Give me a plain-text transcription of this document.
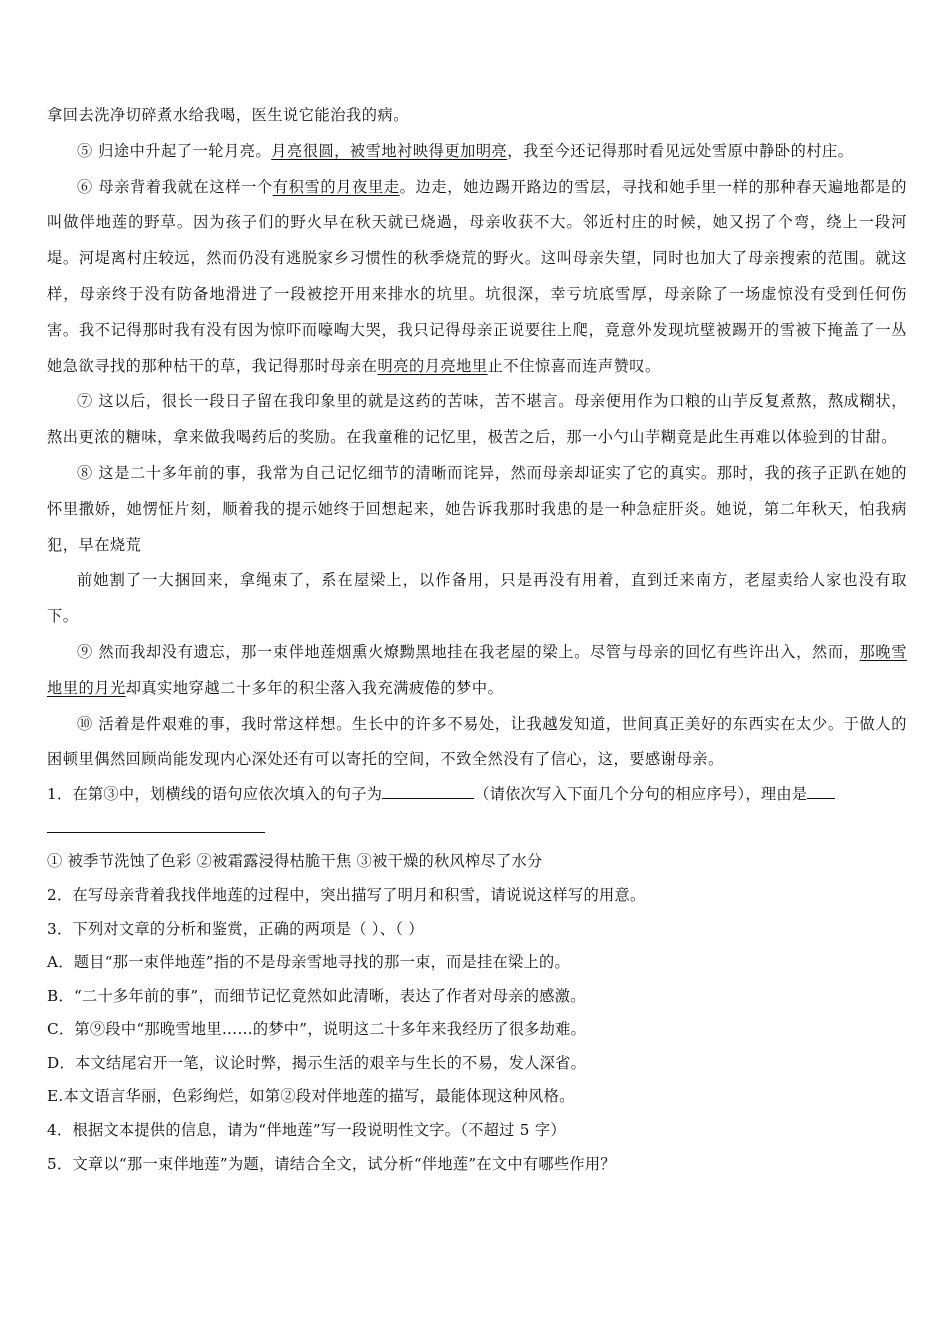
拿回去洗净切碎煮水给我喝，医生说它能治我的病。

⑤ 归途中升起了一轮月亮。月亮很圆，被雪地衬映得更加明亮，我至今还记得那时看见远处雪原中静卧的村庄。

⑥ 母亲背着我就在这样一个有积雪的月夜里走。边走，她边踢开路边的雪层，寻找和她手里一样的那种春天遍地都是的叫做伴地莲的野草。因为孩子们的野火早在秋天就已烧過，母亲收获不大。邻近村庄的时候，她又拐了个弯，绕上一段河堤。河堤离村庄较远，然而仍没有逃脱家乡习惯性的秋季烧荒的野火。这叫母亲失望，同时也加大了母亲搜索的范围。就这样，母亲终于没有防备地滑进了一段被挖开用来排水的坑里。坑很深，幸亏坑底雪厚，母亲除了一场虚惊没有受到任何伤害。我不记得那时我有没有因为惊吓而嚎啕大哭，我只记得母亲正说要往上爬，竟意外发现坑壁被踢开的雪被下掩盖了一丛她急欲寻找的那种枯干的草，我记得那时母亲在明亮的月亮地里止不住惊喜而连声赞叹。

⑦ 这以后，很长一段日子留在我印象里的就是这药的苦味，苦不堪言。母亲便用作为口粮的山芋反复煮熬，熬成糊状，熬出更浓的糖味，拿来做我喝药后的奖励。在我童稚的记忆里，极苦之后，那一小勺山芋糊竟是此生再难以体验到的甘甜。

⑧ 这是二十多年前的事，我常为自己记忆细节的清晰而诧异，然而母亲却证实了它的真实。那时，我的孩子正趴在她的怀里撒娇，她愣怔片刻，顺着我的提示她终于回想起来，她告诉我那时我患的是一种急症肝炎。她说，第二年秋天，怕我病犯，早在烧荒

前她割了一大捆回来，拿绳束了，系在屋梁上，以作备用，只是再没有用着，直到迁来南方，老屋卖给人家也没有取下。

⑨ 然而我却没有遗忘，那一束伴地莲烟熏火燎黝黑地挂在我老屋的梁上。尽管与母亲的回忆有些许出入，然而，那晚雪地里的月光却真实地穿越二十多年的积尘落入我充满疲倦的梦中。

⑩ 活着是件艰难的事，我时常这样想。生长中的许多不易处，让我越发知道，世间真正美好的东西实在太少。于做人的困顿里偶然回顾尚能发现内心深处还有可以寄托的空间，不致全然没有了信心，这，要感谢母亲。

1．在第③中，划横线的语句应依次填入的句子为	（请依次写入下面几个分句的相应序号），理由是

① 被季节洗蚀了色彩 ②被霜露浸得枯脆干焦 ③被干燥的秋风榨尽了水分

2．在写母亲背着我找伴地莲的过程中，突出描写了明月和积雪，请说说这样写的用意。

3．下列对文章的分析和鉴赏，正确的两项是（ ）、（ ）

A．题目“那一束伴地莲”指的不是母亲雪地寻找的那一束，而是挂在梁上的。

B．“二十多年前的事”，而细节记忆竟然如此清晰，表达了作者对母亲的感激。

C．第⑨段中“那晚雪地里……的梦中”，说明这二十多年来我经历了很多劫难。

D．本文结尾宕开一笔，议论时弊，揭示生活的艰辛与生长的不易，发人深省。

E.本文语言华丽，色彩绚烂，如第②段对伴地莲的描写，最能体现这种风格。

4．根据文本提供的信息，请为“伴地莲”写一段说明性文字。（不超过 5 字）

5．文章以“那一束伴地莲”为题，请结合全文，试分析“伴地莲”在文中有哪些作用？
